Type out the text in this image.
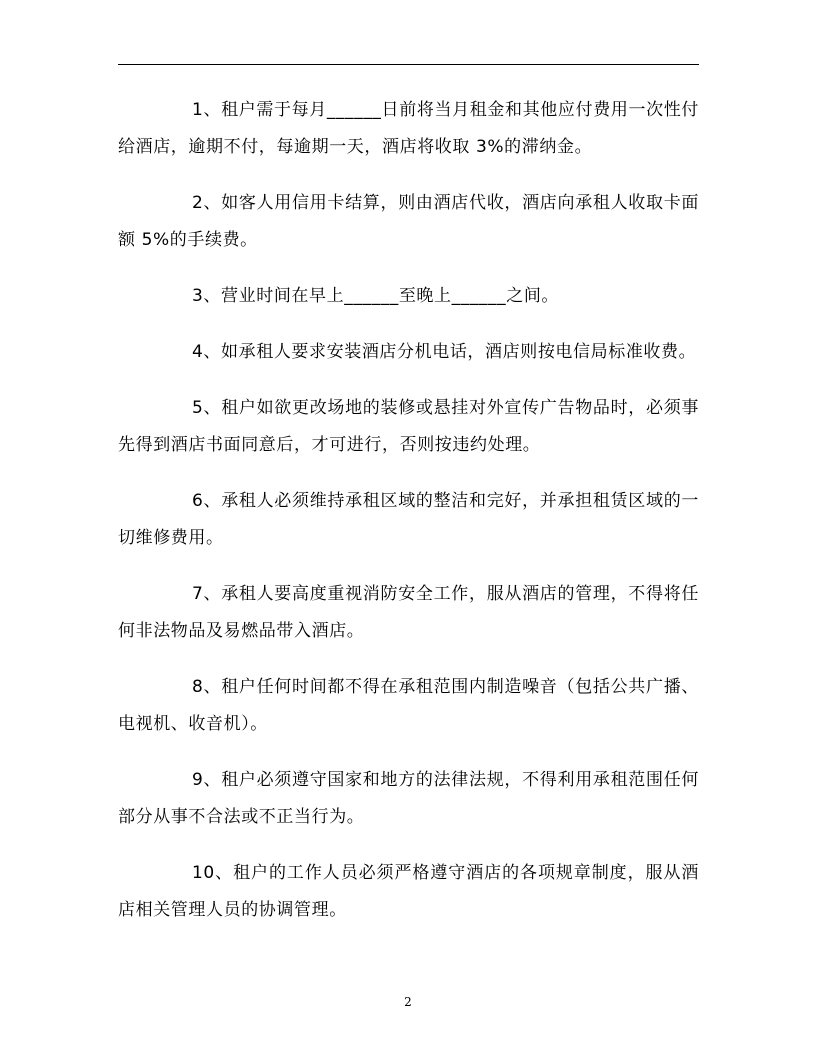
1、租户需于每月______日前将当月租金和其他应付费用一次性付给酒店，逾期不付，每逾期一天，酒店将收取 3%的滞纳金。

2、如客人用信用卡结算，则由酒店代收，酒店向承租人收取卡面额 5%的手续费。

3、营业时间在早上______至晚上______之间。

4、如承租人要求安装酒店分机电话，酒店则按电信局标准收费。

5、租户如欲更改场地的装修或悬挂对外宣传广告物品时，必须事先得到酒店书面同意后，才可进行，否则按违约处理。

6、承租人必须维持承租区域的整洁和完好，并承担租赁区域的一切维修费用。

7、承租人要高度重视消防安全工作，服从酒店的管理，不得将任何非法物品及易燃品带入酒店。

8、租户任何时间都不得在承租范围内制造噪音（包括公共广播、电视机、收音机）。

9、租户必须遵守国家和地方的法律法规，不得利用承租范围任何部分从事不合法或不正当行为。

10、租户的工作人员必须严格遵守酒店的各项规章制度，服从酒店相关管理人员的协调管理。

2
